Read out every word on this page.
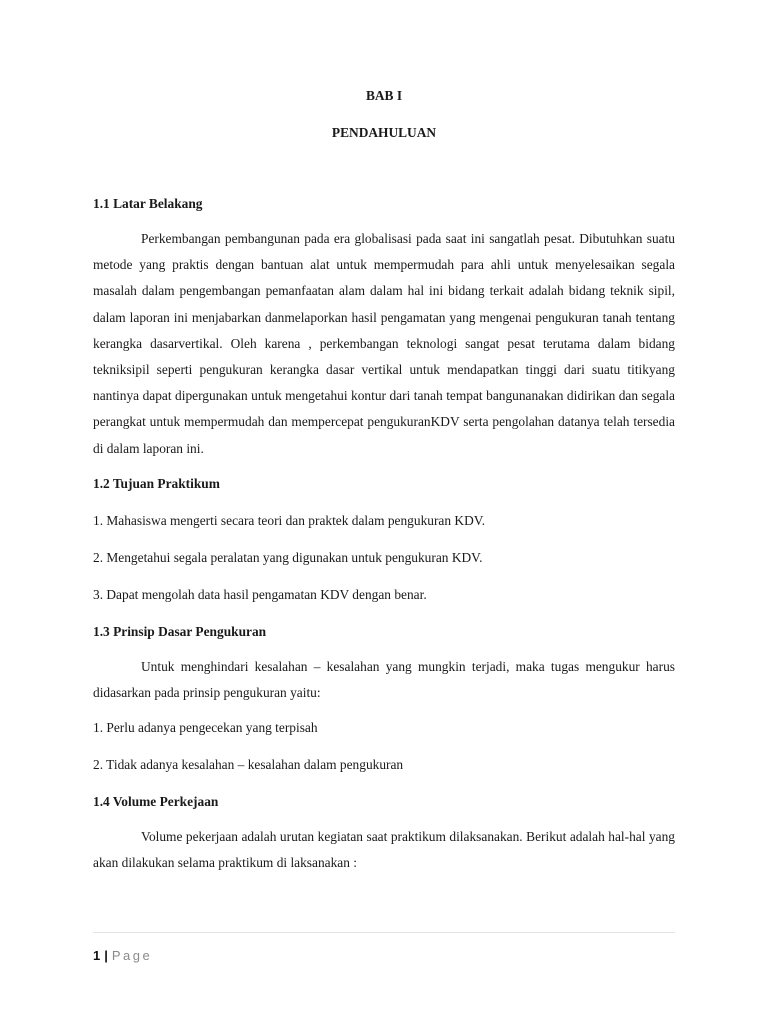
BAB I
PENDAHULUAN
1.1 Latar Belakang

Perkembangan pembangunan pada era globalisasi pada saat ini sangatlah pesat. Dibutuhkan suatu metode yang praktis dengan bantuan alat untuk mempermudah para ahli untuk menyelesaikan segala masalah dalam pengembangan pemanfaatan alam dalam hal ini bidang terkait adalah bidang teknik sipil, dalam laporan ini menjabarkan danmelaporkan hasil pengamatan yang mengenai pengukuran tanah tentang kerangka dasarvertikal. Oleh karena , perkembangan teknologi sangat pesat terutama dalam bidang tekniksipil seperti pengukuran kerangka dasar vertikal untuk mendapatkan tinggi dari suatu titikyang nantinya dapat dipergunakan untuk mengetahui kontur dari tanah tempat bangunanakan didirikan dan segala perangkat untuk mempermudah dan mempercepat pengukuranKDV serta pengolahan datanya telah tersedia di dalam laporan ini.

1.2 Tujuan Praktikum

1. Mahasiswa mengerti secara teori dan praktek dalam pengukuran KDV.

2. Mengetahui segala peralatan yang digunakan untuk pengukuran KDV.

3. Dapat mengolah data hasil pengamatan KDV dengan benar.

1.3 Prinsip Dasar Pengukuran

Untuk menghindari kesalahan – kesalahan yang mungkin terjadi, maka tugas mengukur harus didasarkan pada prinsip pengukuran yaitu:

1. Perlu adanya pengecekan yang terpisah

2. Tidak adanya kesalahan – kesalahan dalam pengukuran

1.4 Volume Perkejaan

Volume pekerjaan adalah urutan kegiatan saat praktikum dilaksanakan. Berikut adalah hal-hal yang akan dilakukan selama praktikum di laksanakan :

1 | Page
